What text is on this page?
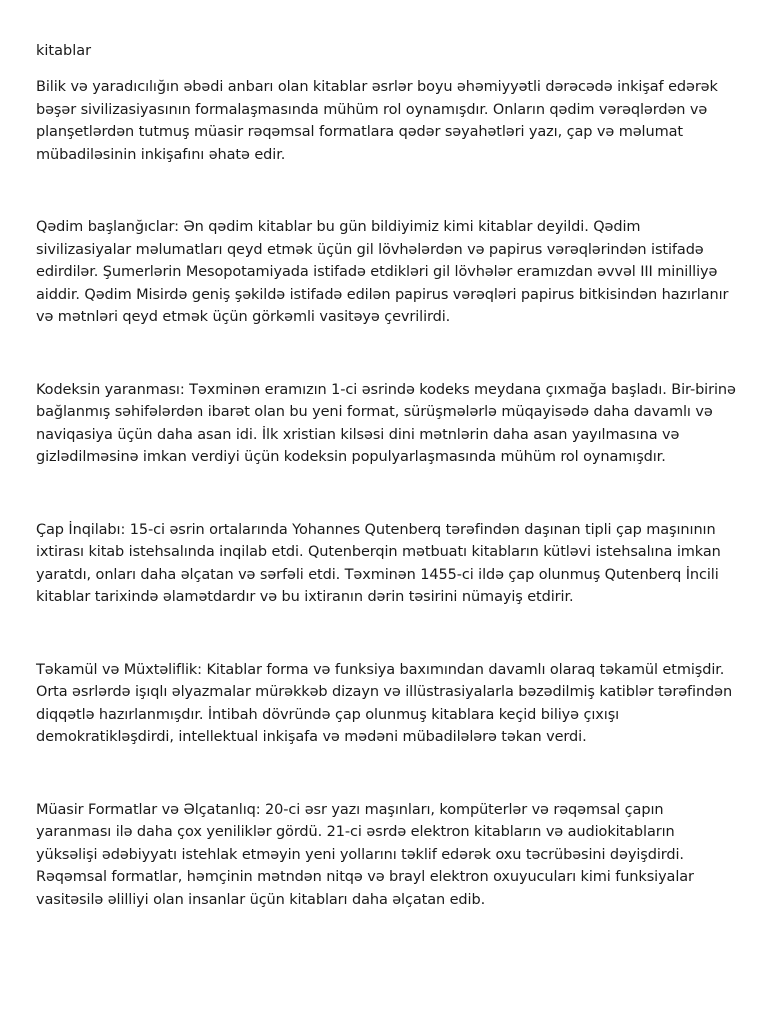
kitablar

Bilik və yaradıcılığın əbədi anbarı olan kitablar əsrlər boyu əhəmiyyətli dərəcədə inkişaf edərək bəşər sivilizasiyasının formalaşmasında mühüm rol oynamışdır. Onların qədim vərəqlərdən və planşetlərdən tutmuş müasir rəqəmsal formatlara qədər səyahətləri yazı, çap və məlumat mübadiləsinin inkişafını əhatə edir.

Qədim başlanğıclar: Ən qədim kitablar bu gün bildiyimiz kimi kitablar deyildi. Qədim sivilizasiyalar məlumatları qeyd etmək üçün gil lövhələrdən və papirus vərəqlərindən istifadə edirdilər. Şumerlərin Mesopotamiyada istifadə etdikləri gil lövhələr eramızdan əvvəl III minilliyə aiddir. Qədim Misirdə geniş şəkildə istifadə edilən papirus vərəqləri papirus bitkisindən hazırlanır və mətnləri qeyd etmək üçün görkəmli vasitəyə çevrilirdi.

Kodeksin yaranması: Təxminən eramızın 1-ci əsrində kodeks meydana çıxmağa başladı. Bir-birinə bağlanmış səhifələrdən ibarət olan bu yeni format, sürüşmələrlə müqayisədə daha davamlı və naviqasiya üçün daha asan idi. İlk xristian kilsəsi dini mətnlərin daha asan yayılmasına və gizlədilməsinə imkan verdiyi üçün kodeksin populyarlaşmasında mühüm rol oynamışdır.

Çap İnqilabı: 15-ci əsrin ortalarında Yohannes Qutenberq tərəfindən daşınan tipli çap maşınının ixtirası kitab istehsalında inqilab etdi. Qutenberqin mətbuatı kitabların kütləvi istehsalına imkan yaratdı, onları daha əlçatan və sərfəli etdi. Təxminən 1455-ci ildə çap olunmuş Qutenberq İncili kitablar tarixində əlamətdardır və bu ixtiranın dərin təsirini nümayiş etdirir.

Təkamül və Müxtəliflik: Kitablar forma və funksiya baxımından davamlı olaraq təkamül etmişdir. Orta əsrlərdə işıqlı əlyazmalar mürəkkəb dizayn və illüstrasiyalarla bəzədilmiş katiblər tərəfindən diqqətlə hazırlanmışdır. İntibah dövründə çap olunmuş kitablara keçid biliyə çıxışı demokratikləşdirdi, intellektual inkişafa və mədəni mübadilələrə təkan verdi.

Müasir Formatlar və Əlçatanlıq: 20-ci əsr yazı maşınları, kompüterlər və rəqəmsal çapın yaranması ilə daha çox yeniliklər gördü. 21-ci əsrdə elektron kitabların və audiokitabların yüksəlişi ədəbiyyatı istehlak etməyin yeni yollarını təklif edərək oxu təcrübəsini dəyişdirdi. Rəqəmsal formatlar, həmçinin mətndən nitqə və brayl elektron oxuyucuları kimi funksiyalar vasitəsilə əlilliyi olan insanlar üçün kitabları daha əlçatan edib.
